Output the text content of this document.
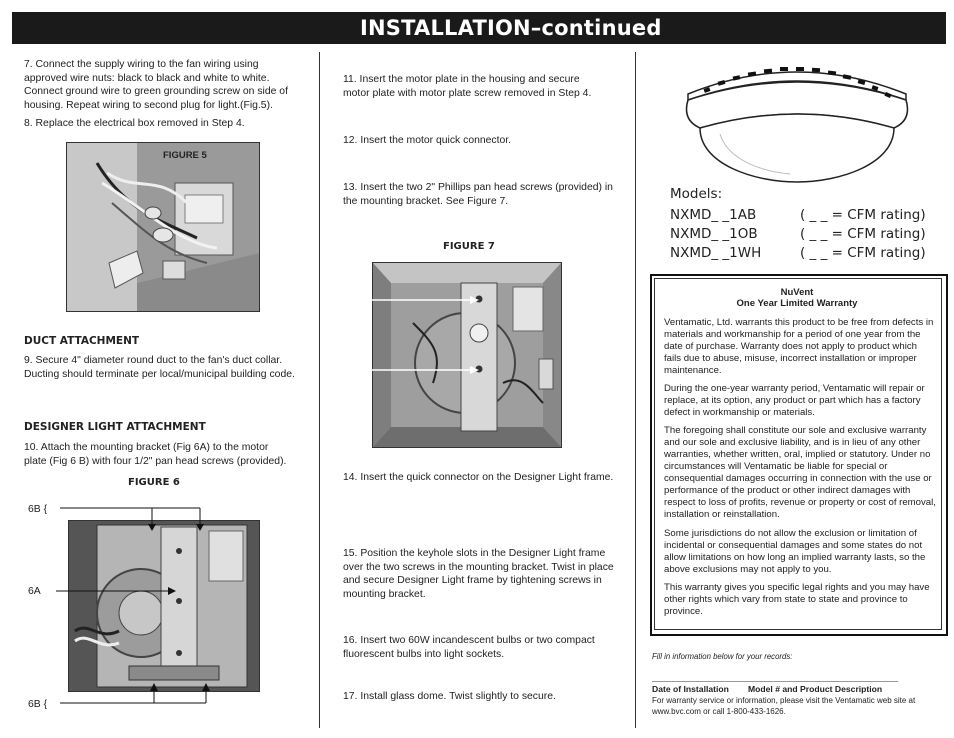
INSTALLATION–continued
7. Connect the supply wiring to the fan wiring using
approved wire nuts: black to black and white to white.
Connect ground wire to green grounding screw on side of
housing. Repeat wiring to second plug for light.(Fig.5).
8. Replace the electrical box removed in Step 4.
FIGURE 5
DUCT ATTACHMENT
9. Secure 4" diameter round duct to the fan's duct collar.
Ducting should terminate per local/municipal building code.
DESIGNER LIGHT ATTACHMENT
10. Attach the mounting bracket (Fig 6A) to the motor
plate (Fig 6 B) with four 1/2" pan head screws (provided).
FIGURE 6
6B {
6A
6B {
11. Insert the motor plate in the housing and secure
motor plate with motor plate screw removed in Step 4.
12. Insert the motor quick connector.
13. Insert the two 2" Phillips pan head screws (provided) in
the mounting bracket. See Figure 7.
FIGURE 7
14. Insert the quick connector on the Designer Light frame.
15. Position the keyhole slots in the Designer Light frame
over the two screws in the mounting bracket. Twist in place
and secure Designer Light frame by tightening screws in
mounting bracket.
16. Insert two 60W incandescent bulbs or two compact
fluorescent bulbs into light sockets.
17. Install glass dome. Twist slightly to secure.
Models:
NXMD_ _1AB	( _ _ = CFM rating)
NXMD_ _1OB	( _ _ = CFM rating)
NXMD_ _1WH	( _ _ = CFM rating)
NuVent
One Year Limited Warranty
Ventamatic, Ltd. warrants this product to be free from defects in
materials and workmanship for a period of one year from the
date of purchase. Warranty does not apply to product which
fails due to abuse, misuse, incorrect installation or improper
maintenance.
During the one-year warranty period, Ventamatic will repair or
replace, at its option, any product or part which has a factory
defect in workmanship or materials.
The foregoing shall constitute our sole and exclusive warranty
and our sole and exclusive liability, and is in lieu of any other
warranties, whether written, oral, implied or statutory. Under no
circumstances will Ventamatic be liable for special or
consequential damages occurring in connection with the use or
performance of the product or other indirect damages with
respect to loss of profits, revenue or property or cost of removal,
installation or reinstallation.
Some jurisdictions do not allow the exclusion or limitation of
incidental or consequential damages and some states do not
allow limitations on how long an implied warranty lasts, so the
above exclusions may not apply to you.
This warranty gives you specific legal rights and you may have
other rights which vary from state to state and province to
province.
Fill in information below for your records:
Date of Installation Model # and Product Description
For warranty service or information, please visit the Ventamatic web site at
www.bvc.com or call 1-800-433-1626.
